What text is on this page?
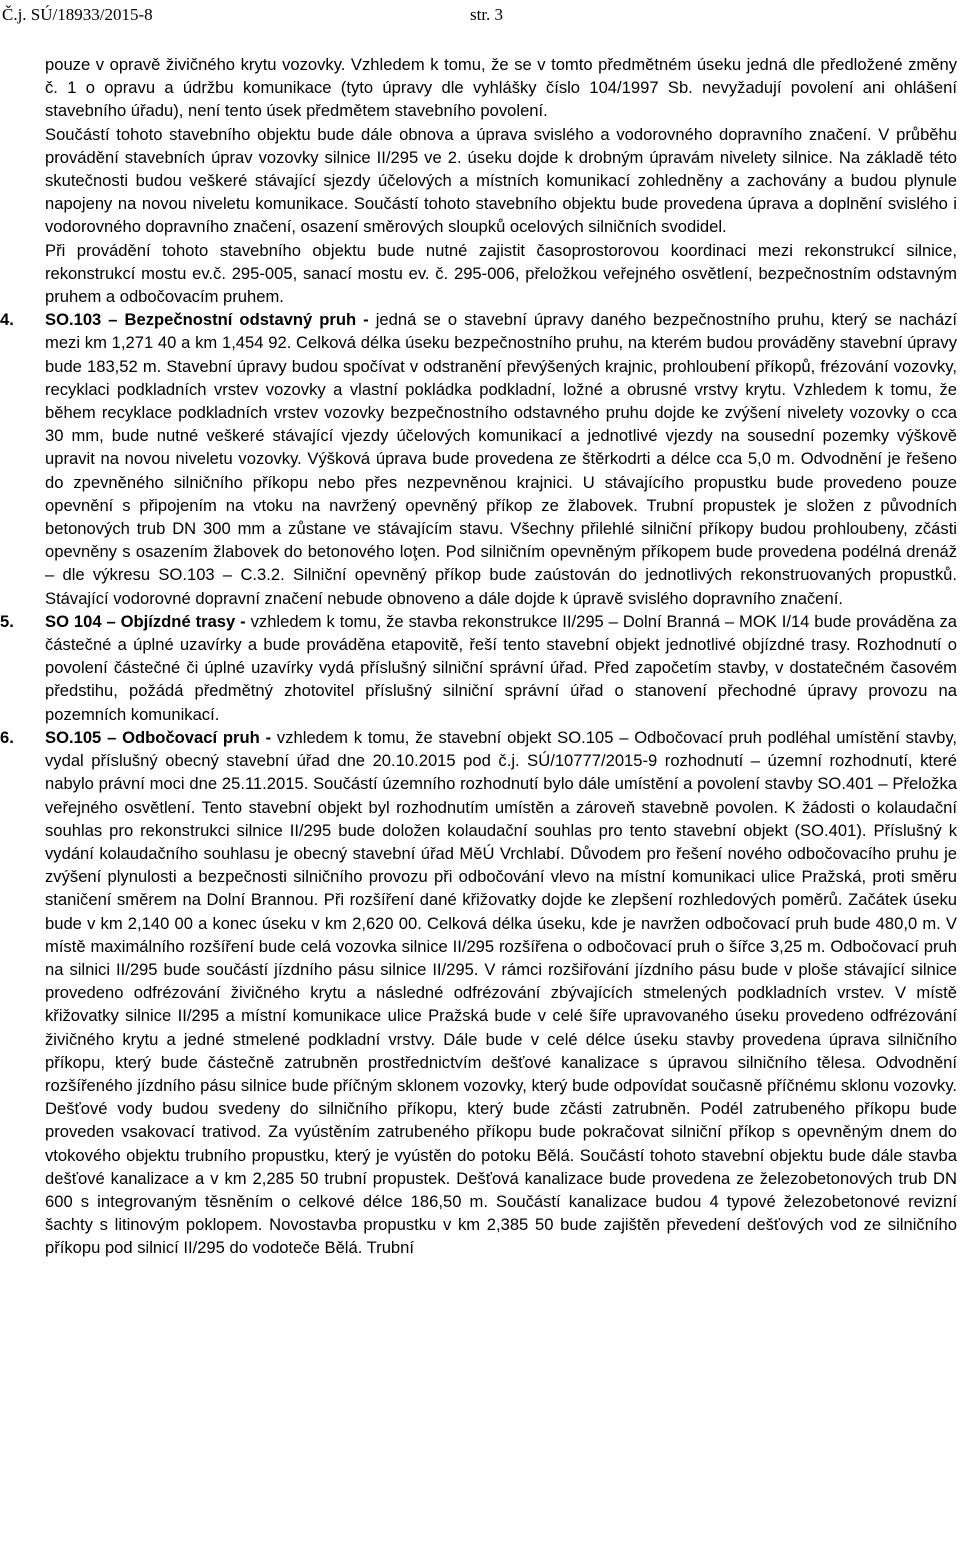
Č.j. SÚ/18933/2015-8	str. 3

pouze v opravě živičného krytu vozovky. Vzhledem k tomu, že se v tomto předmětném úseku jedná dle předložené změny č. 1 o opravu a údržbu komunikace (tyto úpravy dle vyhlášky číslo 104/1997 Sb. nevyžadují povolení ani ohlášení stavebního úřadu), není tento úsek předmětem stavebního povolení.

Součástí tohoto stavebního objektu bude dále obnova a úprava svislého a vodorovného dopravního značení. V průběhu provádění stavebních úprav vozovky silnice II/295 ve 2. úseku dojde k drobným úpravám nivelety silnice. Na základě této skutečnosti budou veškeré stávající sjezdy účelových a místních komunikací zohledněny a zachovány a budou plynule napojeny na novou niveletu komunikace. Součástí tohoto stavebního objektu bude provedena úprava a doplnění svislého i vodorovného dopravního značení, osazení směrových sloupků ocelových silničních svodidel.

Při provádění tohoto stavebního objektu bude nutné zajistit časoprostorovou koordinaci mezi rekonstrukcí silnice, rekonstrukcí mostu ev.č. 295-005, sanací mostu ev. č. 295-006, přeložkou veřejného osvětlení, bezpečnostním odstavným pruhem a odbočovacím pruhem.

4. SO.103 – Bezpečnostní odstavný pruh - jedná se o stavební úpravy daného bezpečnostního pruhu, který se nachází mezi km 1,271 40 a km 1,454 92. Celková délka úseku bezpečnostního pruhu, na kterém budou prováděny stavební úpravy bude 183,52 m. Stavební úpravy budou spočívat v odstranění převýšených krajnic, prohloubení příkopů, frézování vozovky, recyklaci podkladních vrstev vozovky a vlastní pokládka podkladní, ložné a obrusné vrstvy krytu. Vzhledem k tomu, že během recyklace podkladních vrstev vozovky bezpečnostního odstavného pruhu dojde ke zvýšení nivelety vozovky o cca 30 mm, bude nutné veškeré stávající vjezdy účelových komunikací a jednotlivé vjezdy na sousední pozemky výškově upravit na novou niveletu vozovky. Výšková úprava bude provedena ze štěrkodrti a délce cca 5,0 m. Odvodnění je řešeno do zpevněného silničního příkopu nebo přes nezpevněnou krajnici. U stávajícího propustku bude provedeno pouze opevnění s připojením na vtoku na navržený opevněný příkop ze žlabovek. Trubní propustek je složen z původních betonových trub DN 300 mm a zůstane ve stávajícím stavu. Všechny přilehlé silniční příkopy budou prohloubeny, zčásti opevněny s osazením žlabovek do betonového loţen. Pod silničním opevněným příkopem bude provedena podélná drenáž – dle výkresu SO.103 – C.3.2. Silniční opevněný příkop bude zaústován do jednotlivých rekonstruovaných propustků. Stávající vodorovné dopravní značení nebude obnoveno a dále dojde k úpravě svislého dopravního značení.

5. SO 104 – Objízdné trasy - vzhledem k tomu, že stavba rekonstrukce II/295 – Dolní Branná – MOK I/14 bude prováděna za částečné a úplné uzavírky a bude prováděna etapovitě, řeší tento stavební objekt jednotlivé objízdné trasy. Rozhodnutí o povolení částečné či úplné uzavírky vydá příslušný silniční správní úřad. Před započetím stavby, v dostatečném časovém předstihu, požádá předmětný zhotovitel příslušný silniční správní úřad o stanovení přechodné úpravy provozu na pozemních komunikací.

6. SO.105 – Odbočovací pruh - vzhledem k tomu, že stavební objekt SO.105 – Odbočovací pruh podléhal umístění stavby, vydal příslušný obecný stavební úřad dne 20.10.2015 pod č.j. SÚ/10777/2015-9 rozhodnutí – územní rozhodnutí, které nabylo právní moci dne 25.11.2015. Součástí územního rozhodnutí bylo dále umístění a povolení stavby SO.401 – Přeložka veřejného osvětlení. Tento stavební objekt byl rozhodnutím umístěn a zároveň stavebně povolen. K žádosti o kolaudační souhlas pro rekonstrukci silnice II/295 bude doložen kolaudační souhlas pro tento stavební objekt (SO.401). Příslušný k vydání kolaudačního souhlasu je obecný stavební úřad MěÚ Vrchlabí. Důvodem pro řešení nového odbočovacího pruhu je zvýšení plynulosti a bezpečnosti silničního provozu při odbočování vlevo na místní komunikaci ulice Pražská, proti směru staničení směrem na Dolní Brannou. Při rozšíření dané křižovatky dojde ke zlepšení rozhledových poměrů. Začátek úseku bude v km 2,140 00 a konec úseku v km 2,620 00. Celková délka úseku, kde je navržen odbočovací pruh bude 480,0 m. V místě maximálního rozšíření bude celá vozovka silnice II/295 rozšířena o odbočovací pruh o šířce 3,25 m. Odbočovací pruh na silnici II/295 bude součástí jízdního pásu silnice II/295. V rámci rozšiřování jízdního pásu bude v ploše stávající silnice provedeno odfrézování živičného krytu a následné odfrézování zbývajících stmelených podkladních vrstev. V místě křižovatky silnice II/295 a místní komunikace ulice Pražská bude v celé šíře upravovaného úseku provedeno odfrézování živičného krytu a jedné stmelené podkladní vrstvy. Dále bude v celé délce úseku stavby provedena úprava silničního příkopu, který bude částečně zatrubněn prostřednictvím dešťové kanalizace s úpravou silničního tělesa. Odvodnění rozšířeného jízdního pásu silnice bude příčným sklonem vozovky, který bude odpovídat současně příčnému sklonu vozovky. Dešťové vody budou svedeny do silničního příkopu, který bude zčásti zatrubněn. Podél zatrubeného příkopu bude proveden vsakovací trativod. Za vyústěním zatrubeného příkopu bude pokračovat silniční příkop s opevněným dnem do vtokového objektu trubního propustku, který je vyústěn do potoku Bělá. Součástí tohoto stavební objektu bude dále stavba dešťové kanalizace a v km 2,285 50 trubní propustek. Dešťová kanalizace bude provedena ze železobetonových trub DN 600 s integrovaným těsněním o celkové délce 186,50 m. Součástí kanalizace budou 4 typové železobetonové revizní šachty s litinovým poklopem. Novostavba propustku v km 2,385 50 bude zajištěn převedení dešťových vod ze silničního příkopu pod silnicí II/295 do vodoteče Bělá. Trubní
